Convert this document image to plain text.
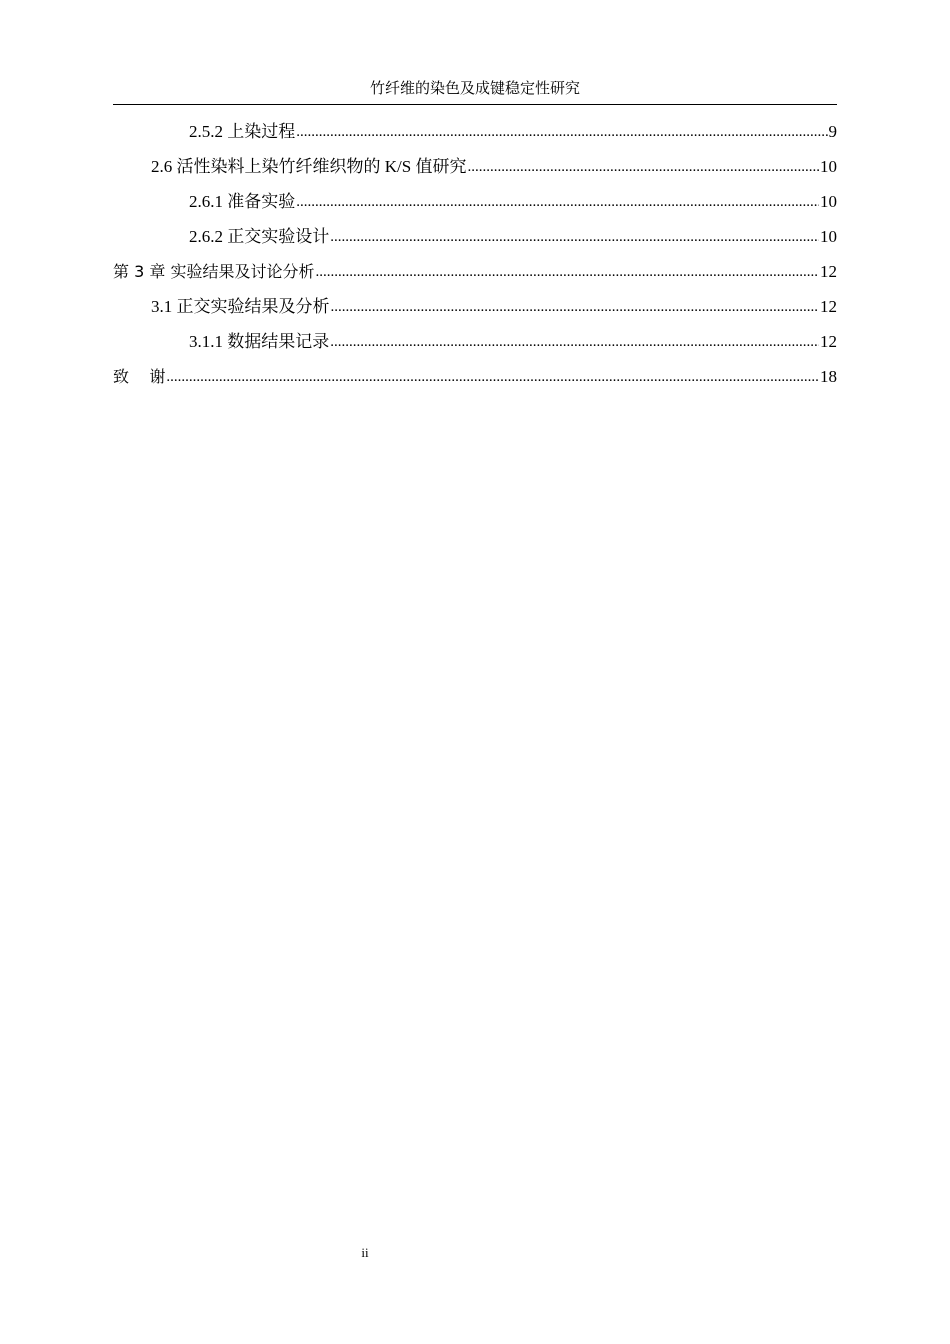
竹纤维的染色及成键稳定性研究
2.5.2 上染过程 .....	9
2.6 活性染料上染竹纤维织物的 K/S 值研究 .....	10
2.6.1 准备实验 .....	10
2.6.2 正交实验设计 .....	10
第 3 章 实验结果及讨论分析 .....	12
3.1 正交实验结果及分析 .....	12
3.1.1 数据结果记录 .....	12
致    谢 .....	18
ii
